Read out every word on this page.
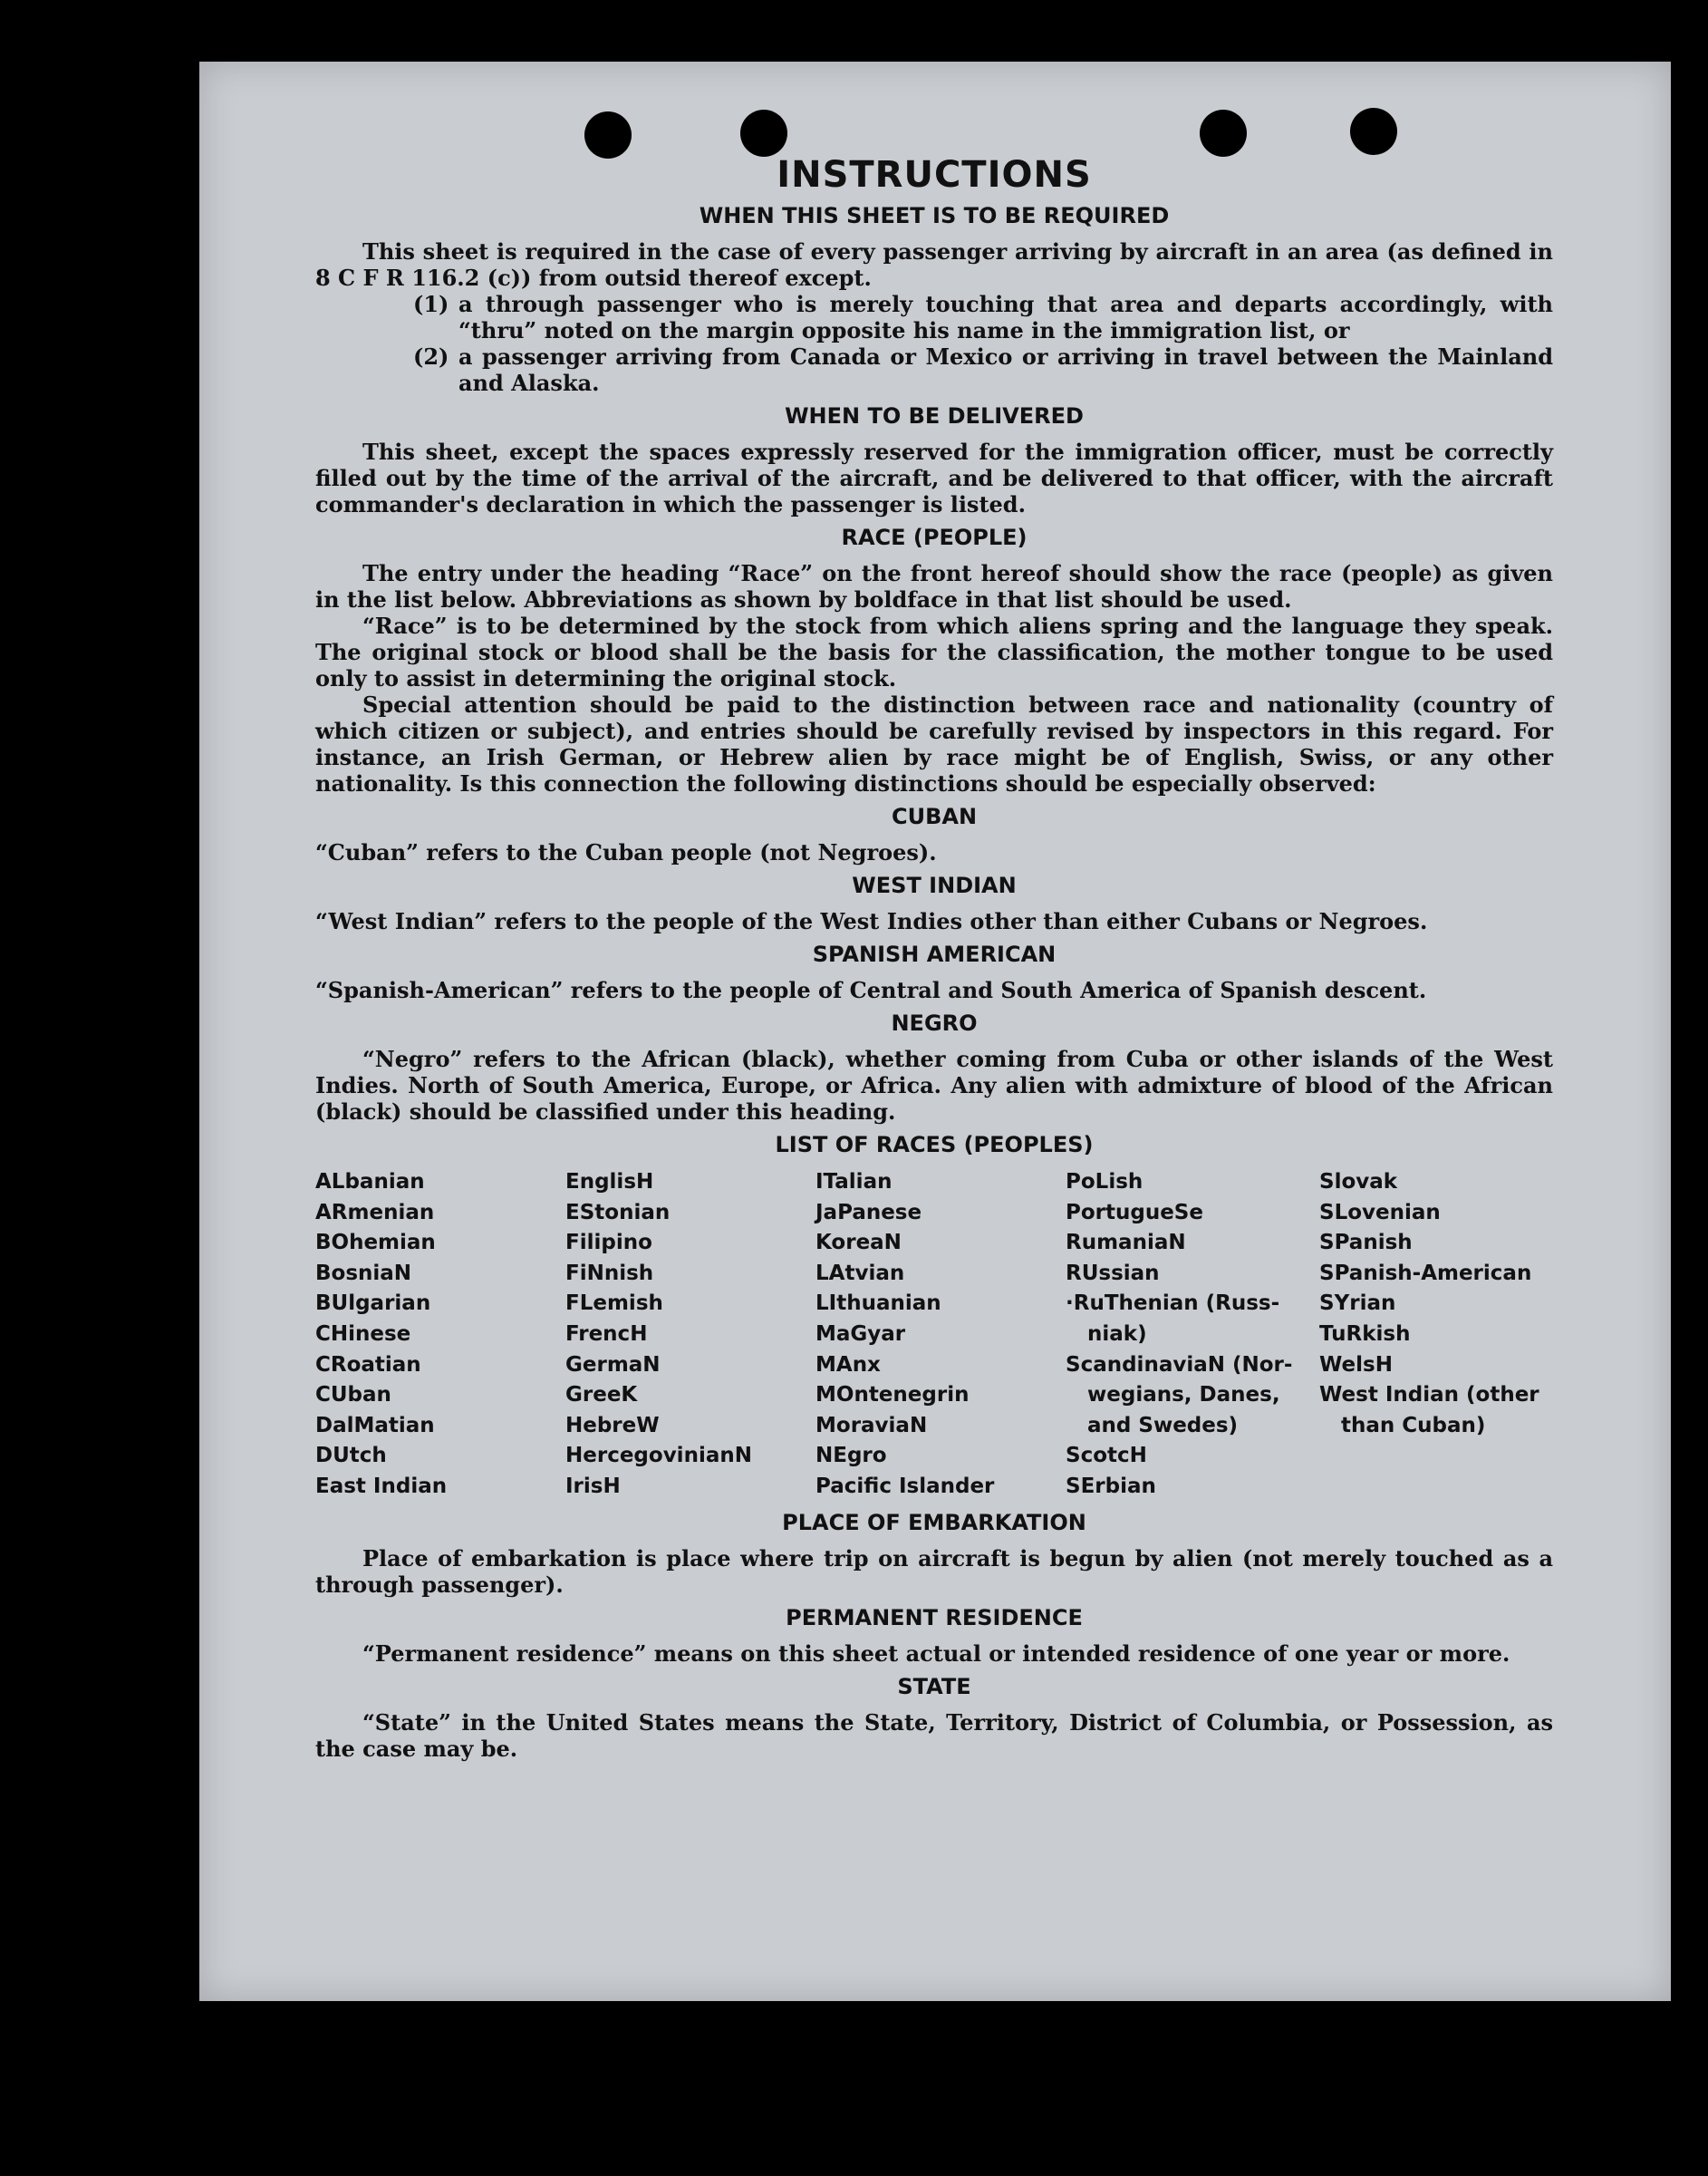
INSTRUCTIONS
WHEN THIS SHEET IS TO BE REQUIRED

This sheet is required in the case of every passenger arriving by aircraft in an area (as defined in 8 C F R 116.2 (c)) from outsid thereof except.

(1) a through passenger who is merely touching that area and departs accordingly, with “thru” noted on the margin opposite his name in the immigration list, or
(2) a passenger arriving from Canada or Mexico or arriving in travel between the Mainland and Alaska.
WHEN TO BE DELIVERED

This sheet, except the spaces expressly reserved for the immigration officer, must be correctly filled out by the time of the arrival of the aircraft, and be delivered to that officer, with the aircraft commander's declaration in which the passenger is listed.

RACE (PEOPLE)

The entry under the heading “Race” on the front hereof should show the race (people) as given in the list below. Abbreviations as shown by boldface in that list should be used.

“Race” is to be determined by the stock from which aliens spring and the language they speak. The original stock or blood shall be the basis for the classification, the mother tongue to be used only to assist in determining the original stock.

Special attention should be paid to the distinction between race and nationality (country of which citizen or subject), and entries should be carefully revised by inspectors in this regard. For instance, an Irish German, or Hebrew alien by race might be of English, Swiss, or any other nationality. Is this connection the following distinctions should be especially observed:

CUBAN

“Cuban” refers to the Cuban people (not Negroes).

WEST INDIAN

“West Indian” refers to the people of the West Indies other than either Cubans or Negroes.

SPANISH AMERICAN

“Spanish-American” refers to the people of Central and South America of Spanish descent.

NEGRO

“Negro” refers to the African (black), whether coming from Cuba or other islands of the West Indies. North of South America, Europe, or Africa. Any alien with admixture of blood of the African (black) should be classified under this heading.

LIST OF RACES (PEOPLES)
ALbanian
ARmenian
BOhemian
BosniaN
BUlgarian
CHinese
CRoatian
CUban
DalMatian
DUtch
East Indian
EnglisH
EStonian
Filipino
FiNnish
FLemish
FrencH
GermaN
GreeK
HebreW
HercegovinianN
IrisH
ITalian
JaPanese
KoreaN
LAtvian
LIthuanian
MaGyar
MAnx
MOntenegrin
MoraviaN
NEgro
Pacific Islander
PoLish
PortugueSe
RumaniaN
RUssian
·RuThenian (Russ-
niak)
ScandinaviaN (Nor-
wegians, Danes,
and Swedes)
ScotcH
SErbian
Slovak
SLovenian
SPanish
SPanish-American
SYrian
TuRkish
WelsH
West Indian (other
than Cuban)
PLACE OF EMBARKATION

Place of embarkation is place where trip on aircraft is begun by alien (not merely touched as a through passenger).

PERMANENT RESIDENCE

“Permanent residence” means on this sheet actual or intended residence of one year or more.

STATE

“State” in the United States means the State, Territory, District of Columbia, or Possession, as the case may be.
